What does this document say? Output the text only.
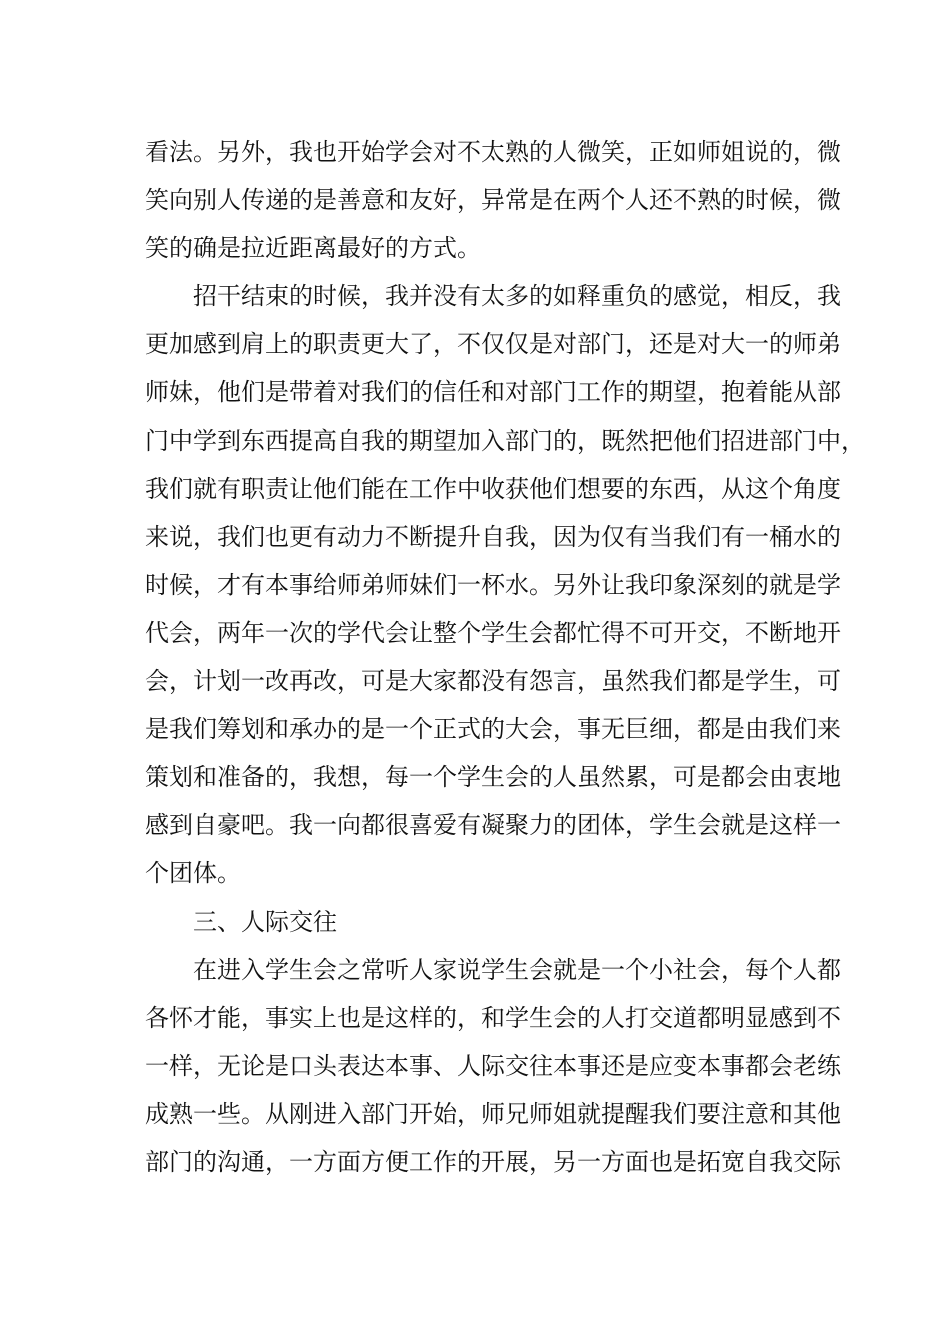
看法。另外，我也开始学会对不太熟的人微笑，正如师姐说的，微
笑向别人传递的是善意和友好，异常是在两个人还不熟的时候，微
笑的确是拉近距离最好的方式。
　　招干结束的时候，我并没有太多的如释重负的感觉，相反，我
更加感到肩上的职责更大了，不仅仅是对部门，还是对大一的师弟
师妹，他们是带着对我们的信任和对部门工作的期望，抱着能从部
门中学到东西提高自我的期望加入部门的，既然把他们招进部门中，
我们就有职责让他们能在工作中收获他们想要的东西，从这个角度
来说，我们也更有动力不断提升自我，因为仅有当我们有一桶水的
时候，才有本事给师弟师妹们一杯水。另外让我印象深刻的就是学
代会，两年一次的学代会让整个学生会都忙得不可开交，不断地开
会，计划一改再改，可是大家都没有怨言，虽然我们都是学生，可
是我们筹划和承办的是一个正式的大会，事无巨细，都是由我们来
策划和准备的，我想，每一个学生会的人虽然累，可是都会由衷地
感到自豪吧。我一向都很喜爱有凝聚力的团体，学生会就是这样一
个团体。
　　三、人际交往
　　在进入学生会之常听人家说学生会就是一个小社会，每个人都
各怀才能，事实上也是这样的，和学生会的人打交道都明显感到不
一样，无论是口头表达本事、人际交往本事还是应变本事都会老练
成熟一些。从刚进入部门开始，师兄师姐就提醒我们要注意和其他
部门的沟通，一方面方便工作的开展，另一方面也是拓宽自我交际
